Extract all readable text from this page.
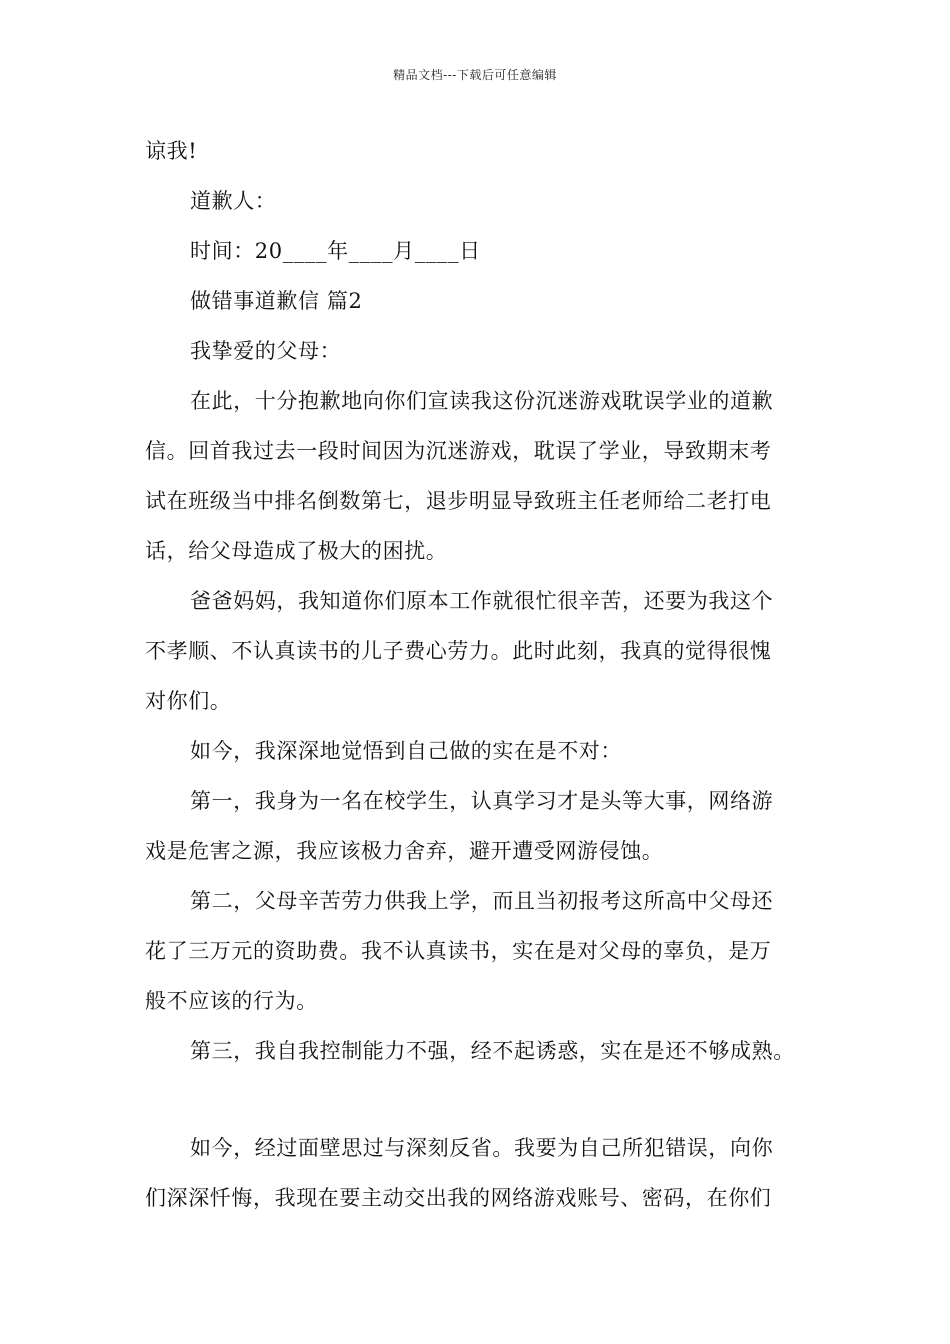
精品文档---下载后可任意编辑
谅我!
道歉人：
时间：20____年____月____日
做错事道歉信 篇2
我挚爱的父母：
在此，十分抱歉地向你们宣读我这份沉迷游戏耽误学业的道歉
信。回首我过去一段时间因为沉迷游戏，耽误了学业，导致期末考
试在班级当中排名倒数第七，退步明显导致班主任老师给二老打电
话，给父母造成了极大的困扰。
爸爸妈妈，我知道你们原本工作就很忙很辛苦，还要为我这个
不孝顺、不认真读书的儿子费心劳力。此时此刻，我真的觉得很愧
对你们。
如今，我深深地觉悟到自己做的实在是不对：
第一，我身为一名在校学生，认真学习才是头等大事，网络游
戏是危害之源，我应该极力舍弃，避开遭受网游侵蚀。
第二，父母辛苦劳力供我上学，而且当初报考这所高中父母还
花了三万元的资助费。我不认真读书，实在是对父母的辜负，是万
般不应该的行为。
第三，我自我控制能力不强，经不起诱惑，实在是还不够成熟。
如今，经过面壁思过与深刻反省。我要为自己所犯错误，向你
们深深忏悔，我现在要主动交出我的网络游戏账号、密码，在你们
